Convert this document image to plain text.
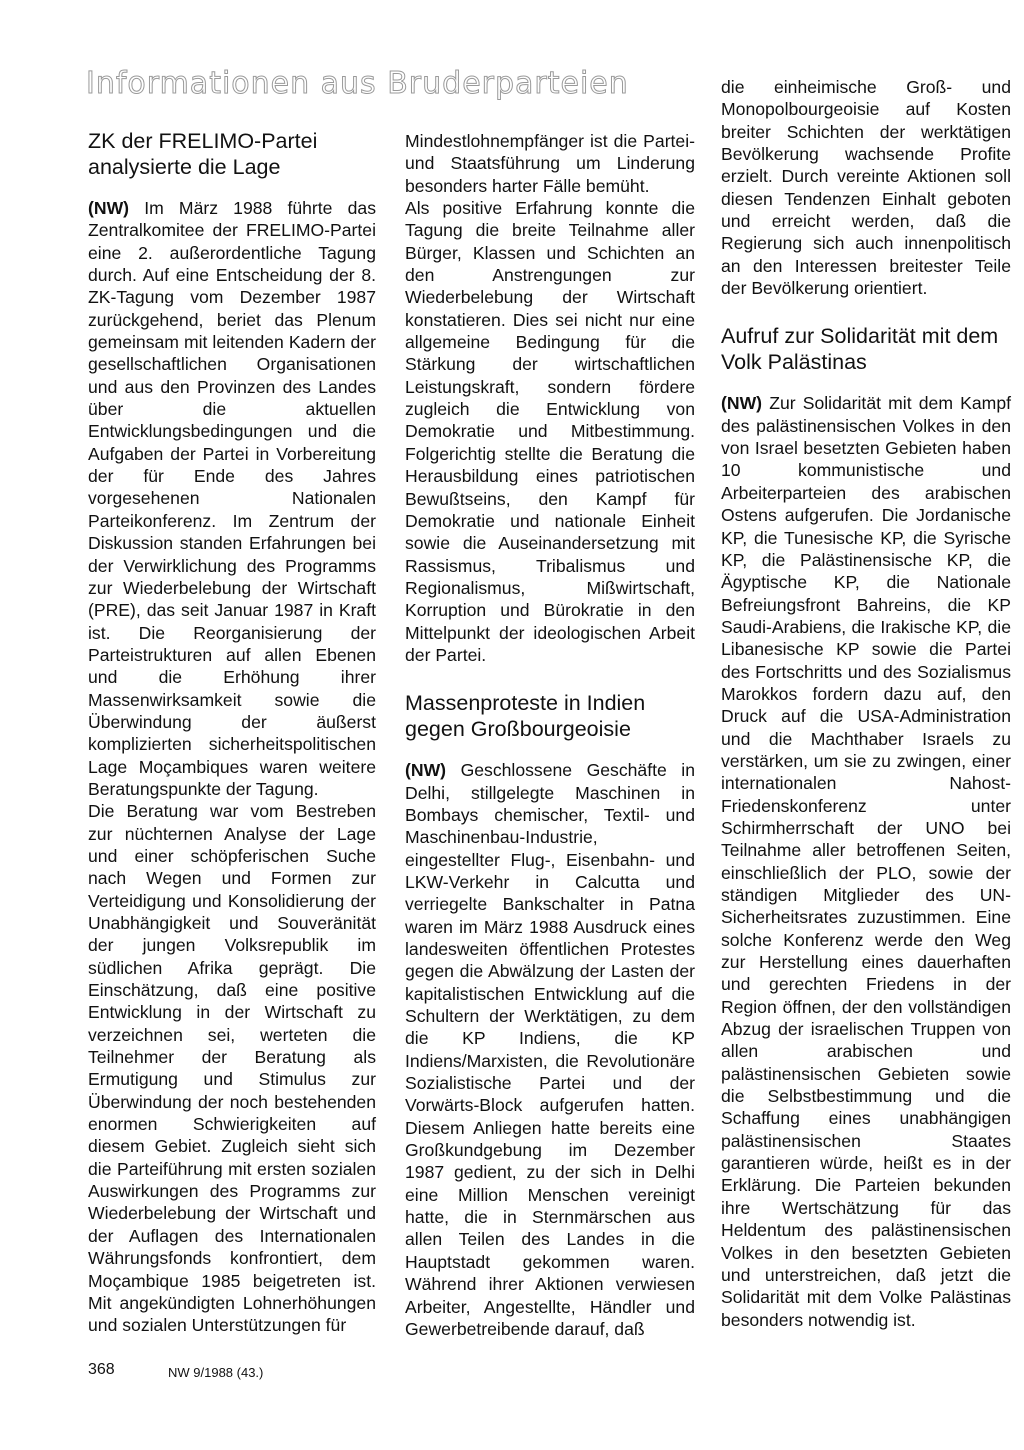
Informationen aus Bruderparteien
ZK der FRELIMO-Partei analysierte die Lage

(NW) Im März 1988 führte das Zentralkomitee der FRELIMO-Partei eine 2. außerordentliche Tagung durch. Auf eine Entscheidung der 8. ZK-Tagung vom Dezember 1987 zurückgehend, beriet das Plenum gemeinsam mit leitenden Kadern der gesellschaftlichen Organisationen und aus den Provinzen des Landes über die aktuellen Entwicklungsbedingungen und die Aufgaben der Partei in Vorbereitung der für Ende des Jahres vorgesehenen Nationalen Parteikonferenz. Im Zentrum der Diskussion standen Erfahrungen bei der Verwirklichung des Programms zur Wiederbelebung der Wirtschaft (PRE), das seit Januar 1987 in Kraft ist. Die Reorganisierung der Parteistrukturen auf allen Ebenen und die Erhöhung ihrer Massenwirksamkeit sowie die Überwindung der äußerst komplizierten sicherheitspolitischen Lage Moçambiques waren weitere Beratungspunkte der Tagung.

Die Beratung war vom Bestreben zur nüchternen Analyse der Lage und einer schöpferischen Suche nach Wegen und Formen zur Verteidigung und Konsolidierung der Unabhängigkeit und Souveränität der jungen Volksrepublik im südlichen Afrika geprägt. Die Einschätzung, daß eine positive Entwicklung in der Wirtschaft zu verzeichnen sei, werteten die Teilnehmer der Beratung als Ermutigung und Stimulus zur Überwindung der noch bestehenden enormen Schwierigkeiten auf diesem Gebiet. Zugleich sieht sich die Parteiführung mit ersten sozialen Auswirkungen des Programms zur Wiederbelebung der Wirtschaft und der Auflagen des Internationalen Währungsfonds konfrontiert, dem Moçambique 1985 beigetreten ist. Mit angekündigten Lohnerhöhungen und sozialen Unterstützungen für

Mindestlohnempfänger ist die Partei- und Staatsführung um Linderung besonders harter Fälle bemüht.

Als positive Erfahrung konnte die Tagung die breite Teilnahme aller Bürger, Klassen und Schichten an den Anstrengungen zur Wiederbelebung der Wirtschaft konstatieren. Dies sei nicht nur eine allgemeine Bedingung für die Stärkung der wirtschaftlichen Leistungskraft, sondern fördere zugleich die Entwicklung von Demokratie und Mitbestimmung. Folgerichtig stellte die Beratung die Herausbildung eines patriotischen Bewußtseins, den Kampf für Demokratie und nationale Einheit sowie die Auseinandersetzung mit Rassismus, Tribalismus und Regionalismus, Mißwirtschaft, Korruption und Bürokratie in den Mittelpunkt der ideologischen Arbeit der Partei.

Massenproteste in Indien gegen Großbourgeoisie

(NW) Geschlossene Geschäfte in Delhi, stillgelegte Maschinen in Bombays chemischer, Textil- und Maschinenbau-Industrie, eingestellter Flug-, Eisenbahn- und LKW-Verkehr in Calcutta und verriegelte Bankschalter in Patna waren im März 1988 Ausdruck eines landesweiten öffentlichen Protestes gegen die Abwälzung der Lasten der kapitalistischen Entwicklung auf die Schultern der Werktätigen, zu dem die KP Indiens, die KP Indiens/Marxisten, die Revolutionäre Sozialistische Partei und der Vorwärts-Block aufgerufen hatten. Diesem Anliegen hatte bereits eine Großkundgebung im Dezember 1987 gedient, zu der sich in Delhi eine Million Menschen vereinigt hatte, die in Sternmärschen aus allen Teilen des Landes in die Hauptstadt gekommen waren. Während ihrer Aktionen verwiesen Arbeiter, Angestellte, Händler und Gewerbetreibende darauf, daß

die einheimische Groß- und Monopolbourgeoisie auf Kosten breiter Schichten der werktätigen Bevölkerung wachsende Profite erzielt. Durch vereinte Aktionen soll diesen Tendenzen Einhalt geboten und erreicht werden, daß die Regierung sich auch innenpolitisch an den Interessen breitester Teile der Bevölkerung orientiert.

Aufruf zur Solidarität mit dem Volk Palästinas

(NW) Zur Solidarität mit dem Kampf des palästinensischen Volkes in den von Israel besetzten Gebieten haben 10 kommunistische und Arbeiterparteien des arabischen Ostens aufgerufen. Die Jordanische KP, die Tunesische KP, die Syrische KP, die Palästinensische KP, die Ägyptische KP, die Nationale Befreiungsfront Bahreins, die KP Saudi-Arabiens, die Irakische KP, die Libanesische KP sowie die Partei des Fortschritts und des Sozialismus Marokkos fordern dazu auf, den Druck auf die USA-Administration und die Machthaber Israels zu verstärken, um sie zu zwingen, einer internationalen Nahost-Friedenskonferenz unter Schirmherrschaft der UNO bei Teilnahme aller betroffenen Seiten, einschließlich der PLO, sowie der ständigen Mitglieder des UN-Sicherheitsrates zuzustimmen. Eine solche Konferenz werde den Weg zur Herstellung eines dauerhaften und gerechten Friedens in der Region öffnen, der den vollständigen Abzug der israelischen Truppen von allen arabischen und palästinensischen Gebieten sowie die Selbstbestimmung und die Schaffung eines unabhängigen palästinensischen Staates garantieren würde, heißt es in der Erklärung. Die Parteien bekunden ihre Wertschätzung für das Heldentum des palästinensischen Volkes in den besetzten Gebieten und unterstreichen, daß jetzt die Solidarität mit dem Volke Palästinas besonders notwendig ist.

368	NW 9/1988 (43.)
